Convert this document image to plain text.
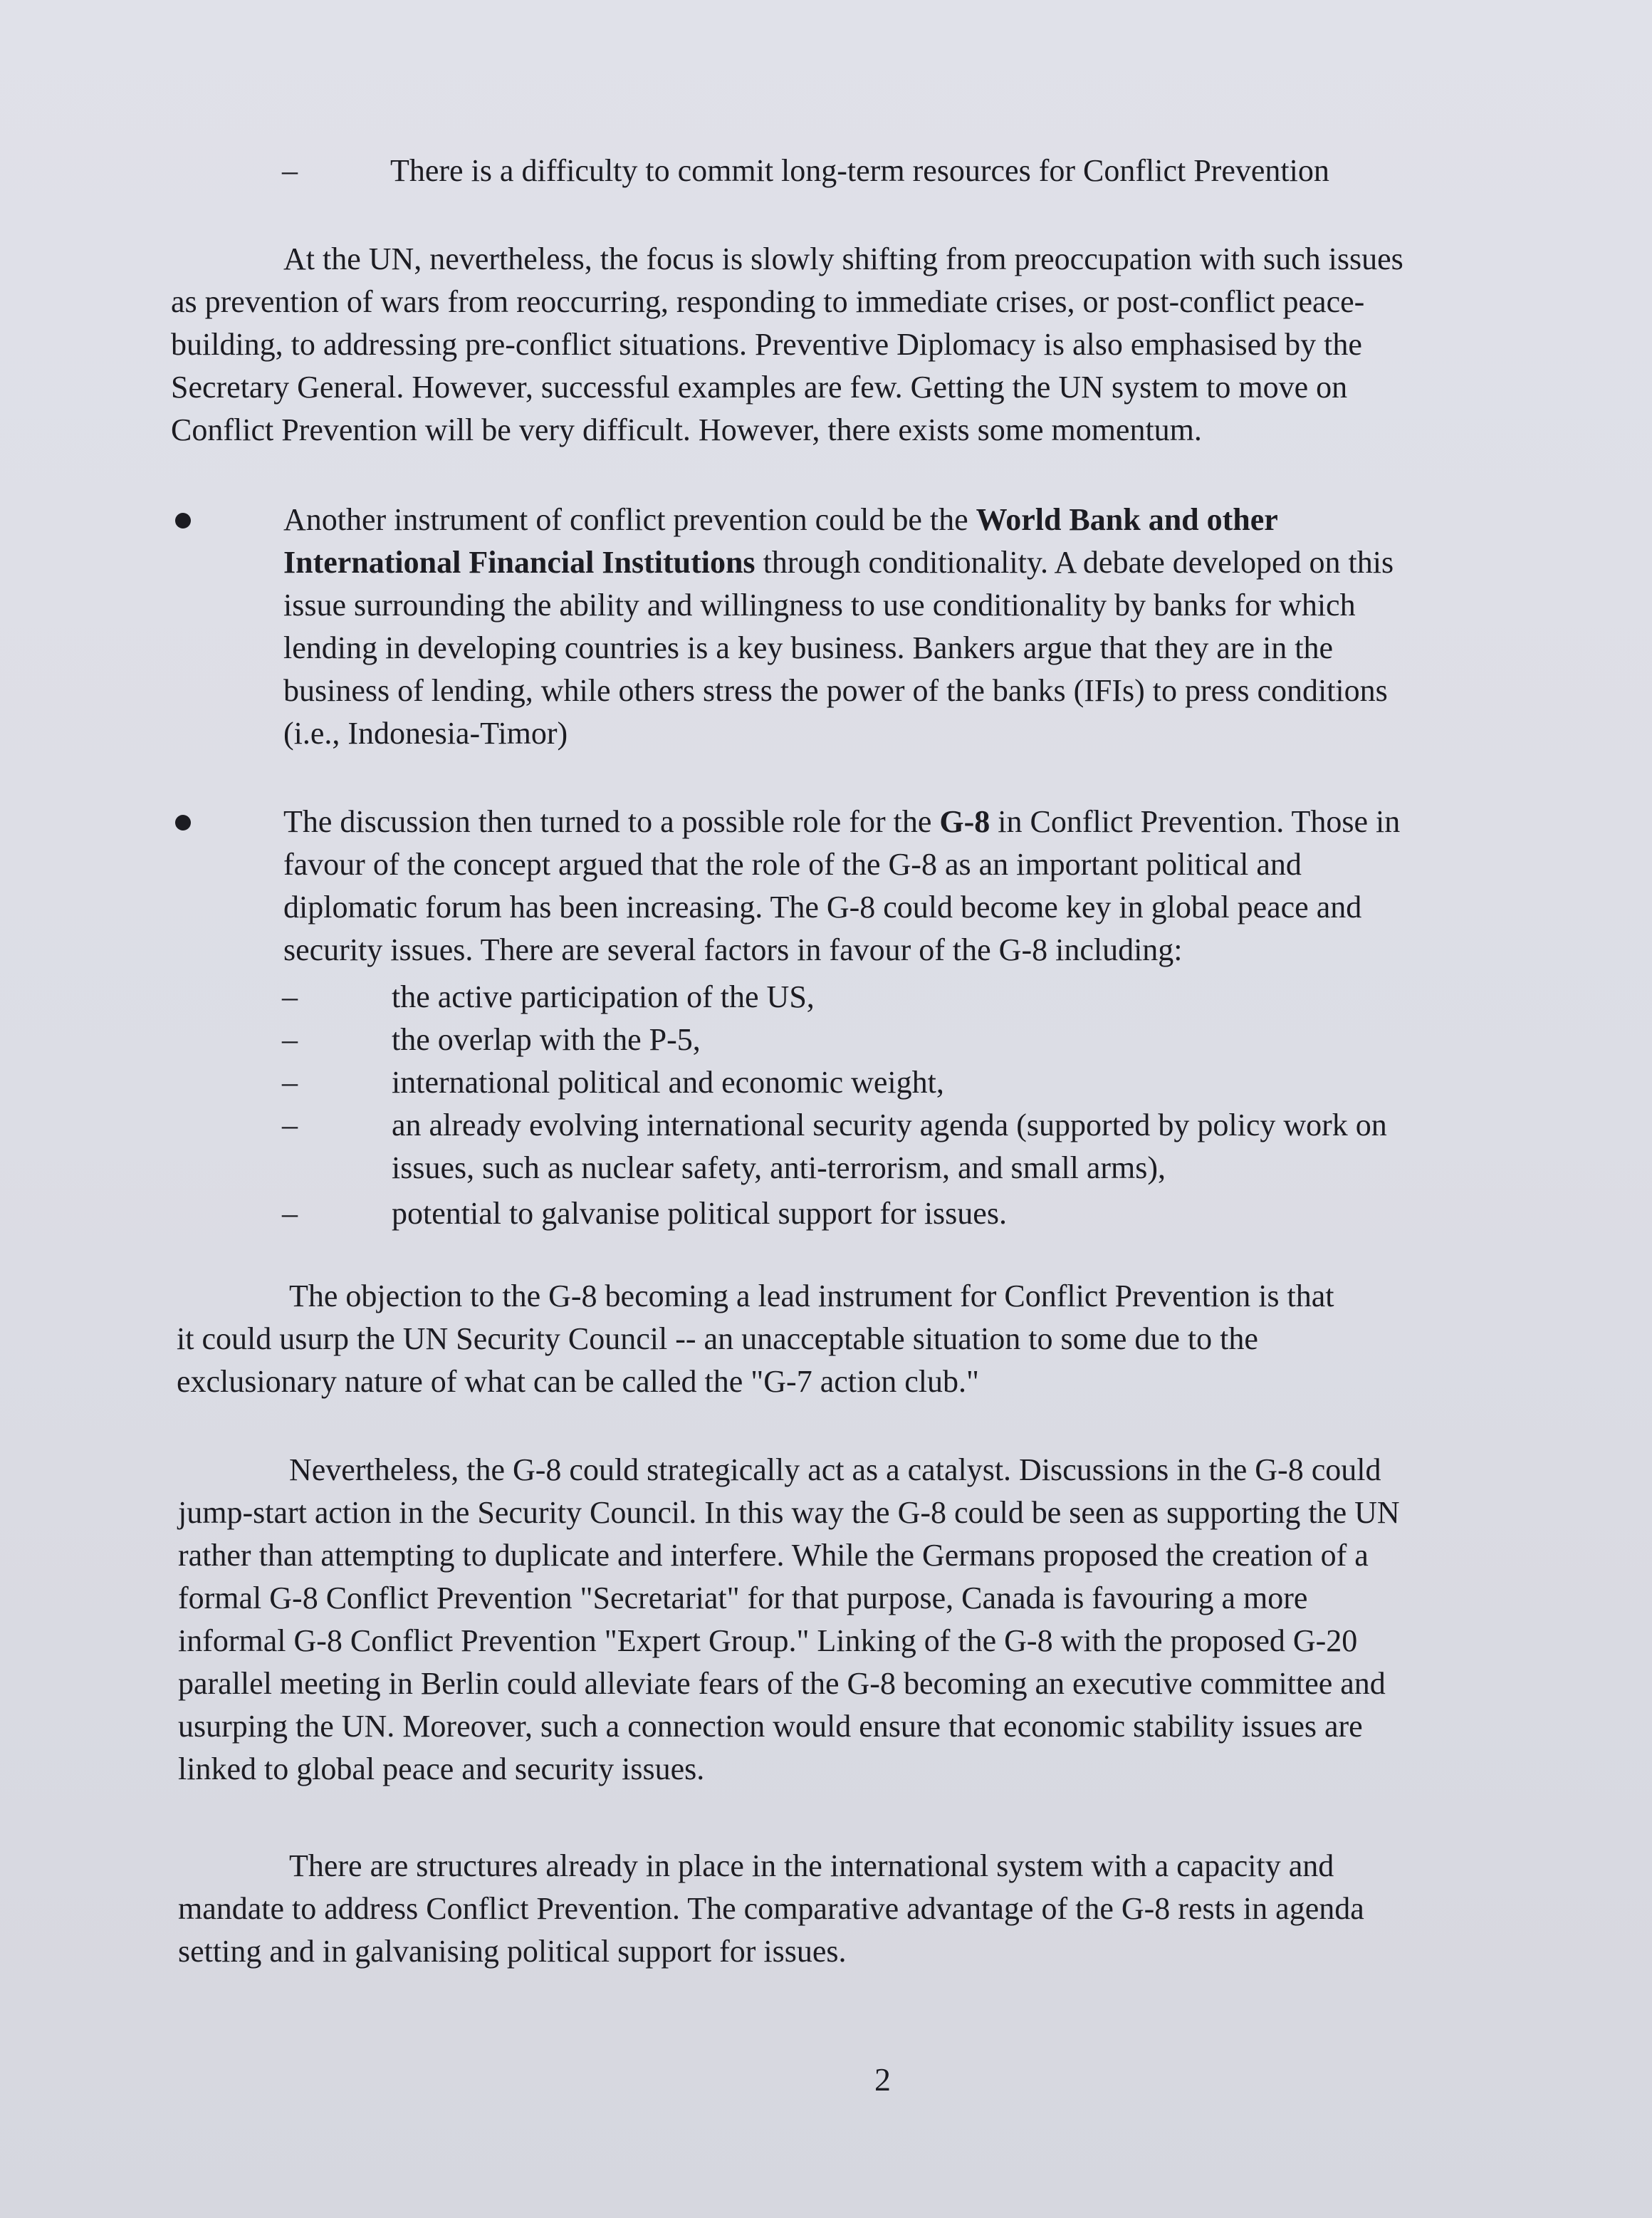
–	There is a difficulty to commit long-term resources for Conflict Prevention
At the UN, nevertheless, the focus is slowly shifting from preoccupation with such issues
as prevention of wars from reoccurring, responding to immediate crises, or post-conflict peace-
building, to addressing pre-conflict situations. Preventive Diplomacy is also emphasised by the
Secretary General. However, successful examples are few. Getting the UN system to move on
Conflict Prevention will be very difficult. However, there exists some momentum.
Another instrument of conflict prevention could be the World Bank and other
International Financial Institutions through conditionality. A debate developed on this
issue surrounding the ability and willingness to use conditionality by banks for which
lending in developing countries is a key business. Bankers argue that they are in the
business of lending, while others stress the power of the banks (IFIs) to press conditions
(i.e., Indonesia-Timor)
The discussion then turned to a possible role for the G-8 in Conflict Prevention. Those in
favour of the concept argued that the role of the G-8 as an important political and
diplomatic forum has been increasing. The G-8 could become key in global peace and
security issues. There are several factors in favour of the G-8 including:
–	the active participation of the US,
–	the overlap with the P-5,
–	international political and economic weight,
–	an already evolving international security agenda (supported by policy work on
issues, such as nuclear safety, anti-terrorism, and small arms),
–	potential to galvanise political support for issues.
The objection to the G-8 becoming a lead instrument for Conflict Prevention is that
it could usurp the UN Security Council -- an unacceptable situation to some due to the
exclusionary nature of what can be called the "G-7 action club."
Nevertheless, the G-8 could strategically act as a catalyst. Discussions in the G-8 could
jump-start action in the Security Council. In this way the G-8 could be seen as supporting the UN
rather than attempting to duplicate and interfere. While the Germans proposed the creation of a
formal G-8 Conflict Prevention "Secretariat" for that purpose, Canada is favouring a more
informal G-8 Conflict Prevention "Expert Group." Linking of the G-8 with the proposed G-20
parallel meeting in Berlin could alleviate fears of the G-8 becoming an executive committee and
usurping the UN. Moreover, such a connection would ensure that economic stability issues are
linked to global peace and security issues.
There are structures already in place in the international system with a capacity and
mandate to address Conflict Prevention. The comparative advantage of the G-8 rests in agenda
setting and in galvanising political support for issues.
2
